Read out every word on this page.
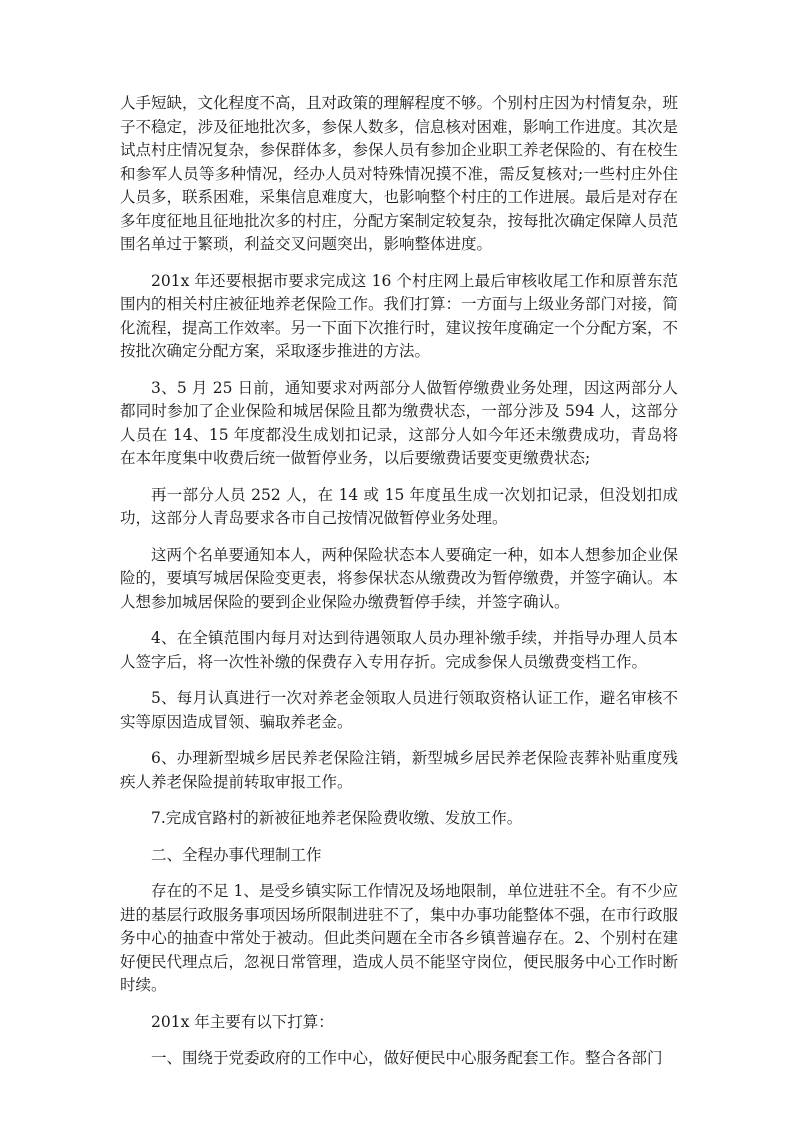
人手短缺，文化程度不高，且对政策的理解程度不够。个别村庄因为村情复杂，班子不稳定，涉及征地批次多，参保人数多，信息核对困难，影响工作进度。其次是试点村庄情况复杂，参保群体多，参保人员有参加企业职工养老保险的、有在校生和参军人员等多种情况，经办人员对特殊情况摸不准，需反复核对;一些村庄外住人员多，联系困难，采集信息难度大，也影响整个村庄的工作进展。最后是对存在多年度征地且征地批次多的村庄，分配方案制定较复杂，按每批次确定保障人员范围名单过于繁琐，利益交叉问题突出，影响整体进度。

201x 年还要根据市要求完成这 16 个村庄网上最后审核收尾工作和原普东范围内的相关村庄被征地养老保险工作。我们打算：一方面与上级业务部门对接，简化流程，提高工作效率。另一下面下次推行时，建议按年度确定一个分配方案，不按批次确定分配方案，采取逐步推进的方法。

3、5 月 25 日前，通知要求对两部分人做暂停缴费业务处理，因这两部分人都同时参加了企业保险和城居保险且都为缴费状态，一部分涉及 594 人，这部分人员在 14、15 年度都没生成划扣记录，这部分人如今年还未缴费成功，青岛将在本年度集中收费后统一做暂停业务，以后要缴费话要变更缴费状态;

再一部分人员 252 人，在 14 或 15 年度虽生成一次划扣记录，但没划扣成功，这部分人青岛要求各市自己按情况做暂停业务处理。

这两个名单要通知本人，两种保险状态本人要确定一种，如本人想参加企业保险的，要填写城居保险变更表，将参保状态从缴费改为暂停缴费，并签字确认。本人想参加城居保险的要到企业保险办缴费暂停手续，并签字确认。

4、在全镇范围内每月对达到待遇领取人员办理补缴手续，并指导办理人员本人签字后，将一次性补缴的保费存入专用存折。完成参保人员缴费变档工作。

5、每月认真进行一次对养老金领取人员进行领取资格认证工作，避名审核不实等原因造成冒领、骗取养老金。

6、办理新型城乡居民养老保险注销，新型城乡居民养老保险丧葬补贴重度残疾人养老保险提前转取审报工作。

7.完成官路村的新被征地养老保险费收缴、发放工作。

二、全程办事代理制工作

存在的不足 1、是受乡镇实际工作情况及场地限制，单位进驻不全。有不少应进的基层行政服务事项因场所限制进驻不了，集中办事功能整体不强，在市行政服务中心的抽查中常处于被动。但此类问题在全市各乡镇普遍存在。2、个别村在建好便民代理点后，忽视日常管理，造成人员不能坚守岗位，便民服务中心工作时断时续。

201x 年主要有以下打算：

一、围绕于党委政府的工作中心，做好便民中心服务配套工作。整合各部门
